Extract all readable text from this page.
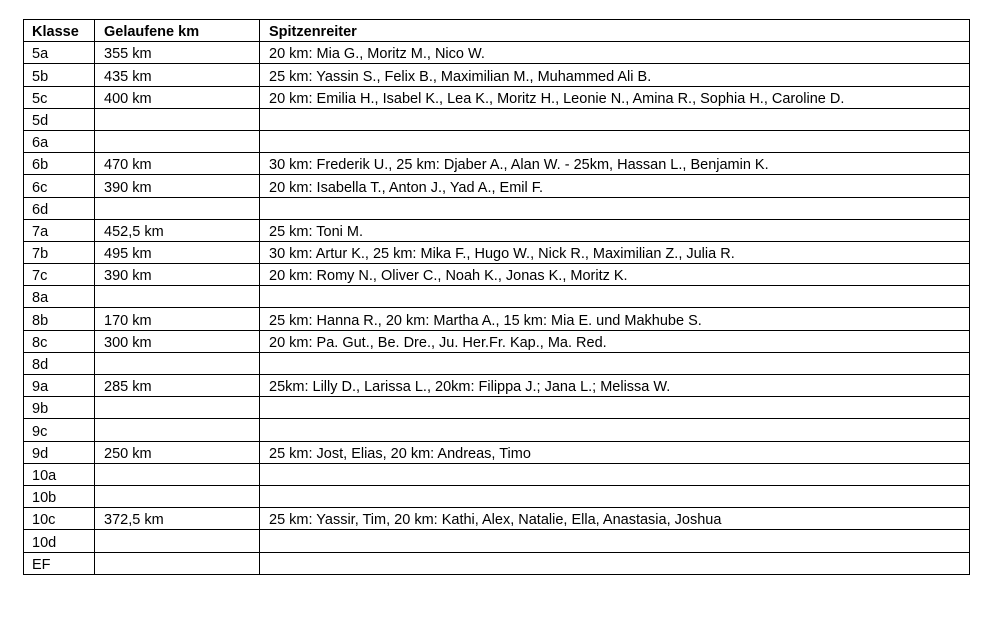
Klasse	Gelaufene km	Spitzenreiter
5a	355 km	20 km: Mia G., Moritz M., Nico W.
5b	435 km	25 km: Yassin S., Felix B., Maximilian M., Muhammed Ali B.
5c	400 km	20 km: Emilia H., Isabel K., Lea K., Moritz H., Leonie N., Amina R., Sophia H., Caroline D.
5d		
6a		
6b	470 km	30 km: Frederik U., 25 km: Djaber A., Alan W. - 25km, Hassan L., Benjamin K.
6c	390 km	20 km: Isabella T., Anton J., Yad A., Emil F.
6d		
7a	452,5 km	25 km: Toni M.
7b	495 km	30 km: Artur K., 25 km: Mika F., Hugo W., Nick R., Maximilian Z., Julia R.
7c	390 km	20 km: Romy N., Oliver C., Noah K., Jonas K., Moritz K.
8a		
8b	170 km	25 km: Hanna R., 20 km: Martha A., 15 km: Mia E. und Makhube S.
8c	300 km	20 km: Pa. Gut., Be. Dre., Ju. Her.Fr. Kap., Ma. Red.
8d		
9a	285 km	25km: Lilly D., Larissa L., 20km: Filippa J.; Jana L.; Melissa W.
9b		
9c		
9d	250 km	25 km: Jost, Elias, 20 km: Andreas, Timo
10a		
10b		
10c	372,5 km	25 km: Yassir, Tim, 20 km: Kathi, Alex, Natalie, Ella, Anastasia, Joshua
10d		
EF		
